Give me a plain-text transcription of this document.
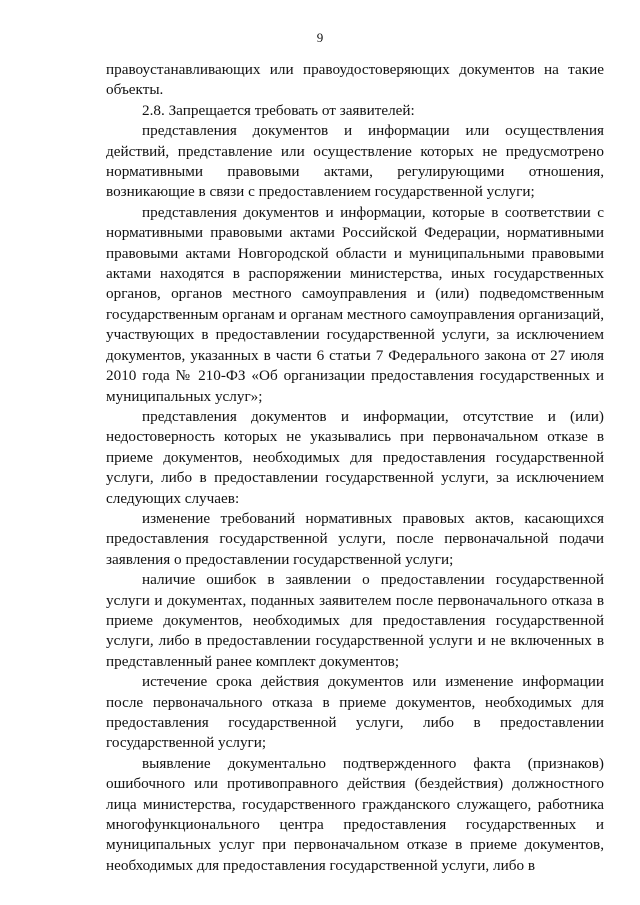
9

правоустанавливающих или правоудостоверяющих документов на такие объекты.

2.8. Запрещается требовать от заявителей:

представления документов и информации или осуществления действий, представление или осуществление которых не предусмотрено нормативными правовыми актами, регулирующими отношения, возникающие в связи с предоставлением государственной услуги;

представления документов и информации, которые в соответствии с нормативными правовыми актами Российской Федерации, нормативными правовыми актами Новгородской области и муниципальными правовыми актами находятся в распоряжении министерства, иных государственных органов, органов местного самоуправления и (или) подведомственным государственным органам и органам местного самоуправления организаций, участвующих в предоставлении государственной услуги, за исключением документов, указанных в части 6 статьи 7 Федерального закона от 27 июля 2010 года № 210-ФЗ «Об организации предоставления государственных и муниципальных услуг»;

представления документов и информации, отсутствие и (или) недостоверность которых не указывались при первоначальном отказе в приеме документов, необходимых для предоставления государственной услуги, либо в предоставлении государственной услуги, за исключением следующих случаев:

изменение требований нормативных правовых актов, касающихся предоставления государственной услуги, после первоначальной подачи заявления о предоставлении государственной услуги;

наличие ошибок в заявлении о предоставлении государственной услуги и документах, поданных заявителем после первоначального отказа в приеме документов, необходимых для предоставления государственной услуги, либо в предоставлении государственной услуги и не включенных в представленный ранее комплект документов;

истечение срока действия документов или изменение информации после первоначального отказа в приеме документов, необходимых для предоставления государственной услуги, либо в предоставлении государственной услуги;

выявление документально подтвержденного факта (признаков) ошибочного или противоправного действия (бездействия) должностного лица министерства, государственного гражданского служащего, работника многофункционального центра предоставления государственных и муниципальных услуг при первоначальном отказе в приеме документов, необходимых для предоставления государственной услуги, либо в
